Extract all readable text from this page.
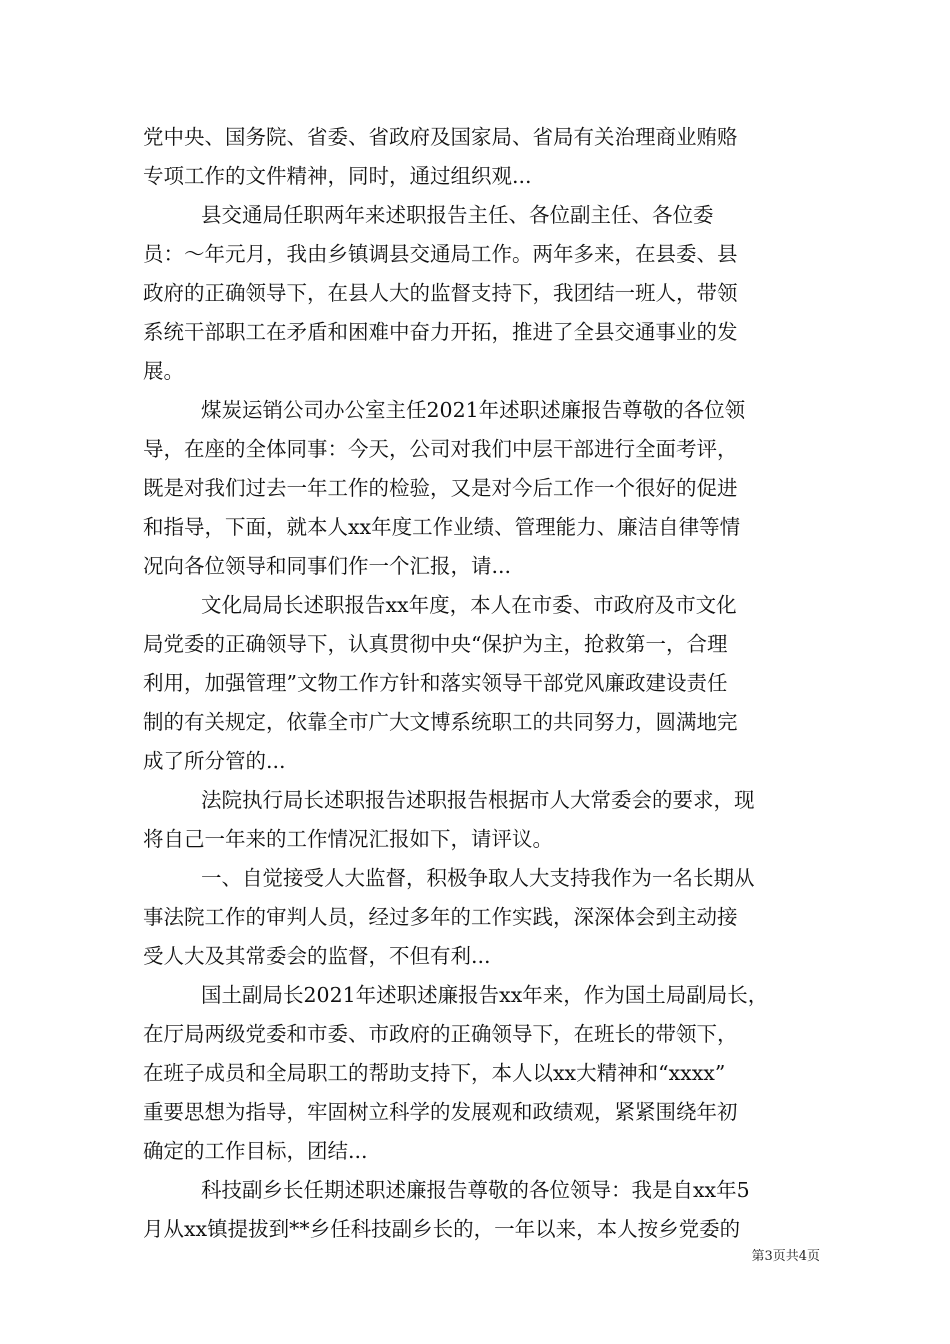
党中央、国务院、省委、省政府及国家局、省局有关治理商业贿赂
专项工作的文件精神，同时，通过组织观...
县交通局任职两年来述职报告主任、各位副主任、各位委
员：～年元月，我由乡镇调县交通局工作。两年多来，在县委、县
政府的正确领导下，在县人大的监督支持下，我团结一班人，带领
系统干部职工在矛盾和困难中奋力开拓，推进了全县交通事业的发
展。
煤炭运销公司办公室主任2021年述职述廉报告尊敬的各位领
导，在座的全体同事：今天，公司对我们中层干部进行全面考评，
既是对我们过去一年工作的检验，又是对今后工作一个很好的促进
和指导，下面，就本人xx年度工作业绩、管理能力、廉洁自律等情
况向各位领导和同事们作一个汇报，请...
文化局局长述职报告xx年度，本人在市委、市政府及市文化
局党委的正确领导下，认真贯彻中央“保护为主，抢救第一，合理
利用，加强管理”文物工作方针和落实领导干部党风廉政建设责任
制的有关规定，依靠全市广大文博系统职工的共同努力，圆满地完
成了所分管的...
法院执行局长述职报告述职报告根据市人大常委会的要求，现
将自己一年来的工作情况汇报如下，请评议。
一、自觉接受人大监督，积极争取人大支持我作为一名长期从
事法院工作的审判人员，经过多年的工作实践，深深体会到主动接
受人大及其常委会的监督，不但有利...
国土副局长2021年述职述廉报告xx年来，作为国土局副局长，
在厅局两级党委和市委、市政府的正确领导下，在班长的带领下，
在班子成员和全局职工的帮助支持下，本人以xx大精神和“xxxx”
重要思想为指导，牢固树立科学的发展观和政绩观，紧紧围绕年初
确定的工作目标，团结...
科技副乡长任期述职述廉报告尊敬的各位领导：我是自xx年5
月从xx镇提拔到**乡任科技副乡长的，一年以来，本人按乡党委的
第3页共4页
